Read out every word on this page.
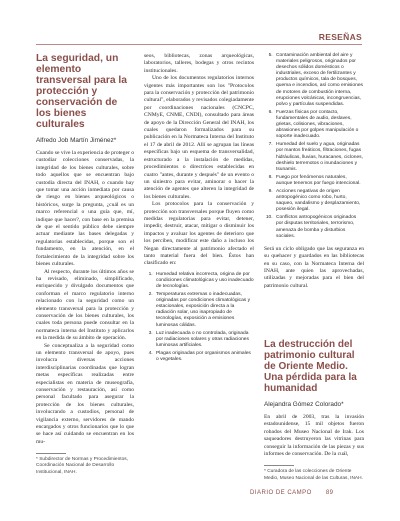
RESEÑAS
La seguridad, un elemento transversal para la protección y conservación de los bienes culturales
Alfredo Job Martín Jiménez*

Cuando se vive la experiencia de proteger o custodiar colecciones conservadas, la integridad de los bienes culturales, sobre todo aquellos que se encuentran bajo custodia directa del INAH, o cuando hay que tomar una acción inmediata por causa de riesgo en bienes arqueológicos o históricos, surge la pregunta, ¿cuál es un marco referencial o una guía que, mí, indique que hacer?, con base en la premisa de que el sentido público debe siempre actuar mediante las bases delegadas y regulatorias establecidas, porque son el fundamento, en la atención, en el fortalecimiento de la integridad sobre los bienes culturales.

Al respecto, durante los últimos años se ha revisado, eliminado, simplificado, enriquecido y divulgado documentos que conforman el marco regulatorio interno relacionado con la seguridad como un elemento transversal para la protección y conservación de los bienes culturales, los cuales toda persona puede consultar en la normateca interna del Instituto y aplicarlos en la medida de su ámbito de operación.

Se conceptualiza a la seguridad como un elemento transversal de apoyo, pues involucra diversas acciones interdisciplinarias coordinadas que logran metas específicas realizadas entre especialistas en materia de museografía, conservación y restauración, así como personal facultado para asegurar la protección de los bienes culturales, involucrando a custodios, personal de vigilancia externo, servidores de mando encargados y otros funcionarios que lo que se hace así cuidando se encuentran en los mu-

* Subdirector de Normas y Procedimientos, Coordinación Nacional de Desarrollo Institucional, INAH.

seos, bibliotecas, zonas arqueológicas, laboratorios, talleres, bodegas y otros recintos institucionales.

Uno de los documentos regulatorios internos vigentes más importantes son los "Protocolos para la conservación y protección del patrimonio cultural", elaborados y revisados colegiadamente por coordinaciones nacionales (CNCPC, CNMyE, CNME, CNDI), consultado para áreas de apoyo de la Dirección General del INAH, los cuales quedaron formalizados para su publicación en la Normateca Interna del Instituto el 17 de abril de 2012. Allí se agrupan las líneas específicas bajo un esquema de transversalidad, estructurado a la instalación de medidas, procedimientos o directrices establecidas en cuatro "antes, durante y después" de un evento o un siniestro para evitar, aminorar o hacer la atención de agentes que alteren la integridad de los bienes culturales.

Los protocolos para la conservación y protección son transversales porque fluyen como medidas regulatorias para evitar, detener, impedir, destruir, atacar, mitigar o disminuir los impactos y avaluar los agentes de deterioro que los perciben, modificar este daño a incluso los Negan directamente al patrimonio afectado el tanto material fuera del bien. Éstos han clasificado en:

1. Humedad relativa incorrecta, origina de por condiciones climatológicas y uso inadecuado de tecnologías.
2. Temperaturas extremas o inadecuadas, originadas por condiciones climatológicas y estacionales, exposición directa a la radiación solar, uso inapropiado de tecnologías, exposición a emisiones luminosas cálidas.
3. Luz inadecuada o no controlada, originada por radiaciones solares y otras radiaciones luminosas artificiales.
4. Plagas originadas por organismos animales o vegetales.
5. Contaminación ambiental del aire y materiales peligrosos, originados por desechos sólidos domésticos o industriales, exceso de fertilizantes y productos químicos, tala de bosques, quema e incendios, así como emisiones de motores de combustión interna, erupciones volcánicas, incongruencias, polvo y partículas suspendidas.
6. Fuerzas físicas por contacto, fundamentales de audio, deslaves, grietas, colisiones, vibraciones, abrasiones por golpes manipulación o soporte inadecuado.
7. Humedad del suelo y agua, originadas por mantos freáticos, filtraciones, fugas hidráulicas, lluvias, huracanes, ciclones, deshielo terremotos o inundaciones y tsunamis.
8. Fuego por fenómenos naturales, aunque tenemos por fuego intencional.
9. Acciones negativas de origen antropogénico como robo, hurto, saqueo, vandalismo y desplazamiento, posesión ilegal.
10. Conflictos antropogénicos originados por disputas territoriales, terrorismo, amenaza de bomba y disturbios sociales.

Será un ciclo obligado que las seguranza en su quehacer y guardados en las bibliotecas en su caso, con la Normateca Interna del INAH, ante quien las aprovechadas, utilizadas y mejoradas para el bien del patrimonio cultural.

La destrucción del patrimonio cultural de Oriente Medio. Una pérdida para la humanidad
Alejandra Gómez Colorado*

En abril de 2003, tras la invasión estadounidense, 15 mil objetos fueron robados del Museo Nacional de Irak. Los saqueadores destruyeron las vitrinas para conseguir la información de las piezas y sus informes de conservación. De la cuál,

* Curadora de las colecciones de Oriente Medio, Museo Nacional de las Culturas, INAH.
DIARIO DE CAMPO 89
